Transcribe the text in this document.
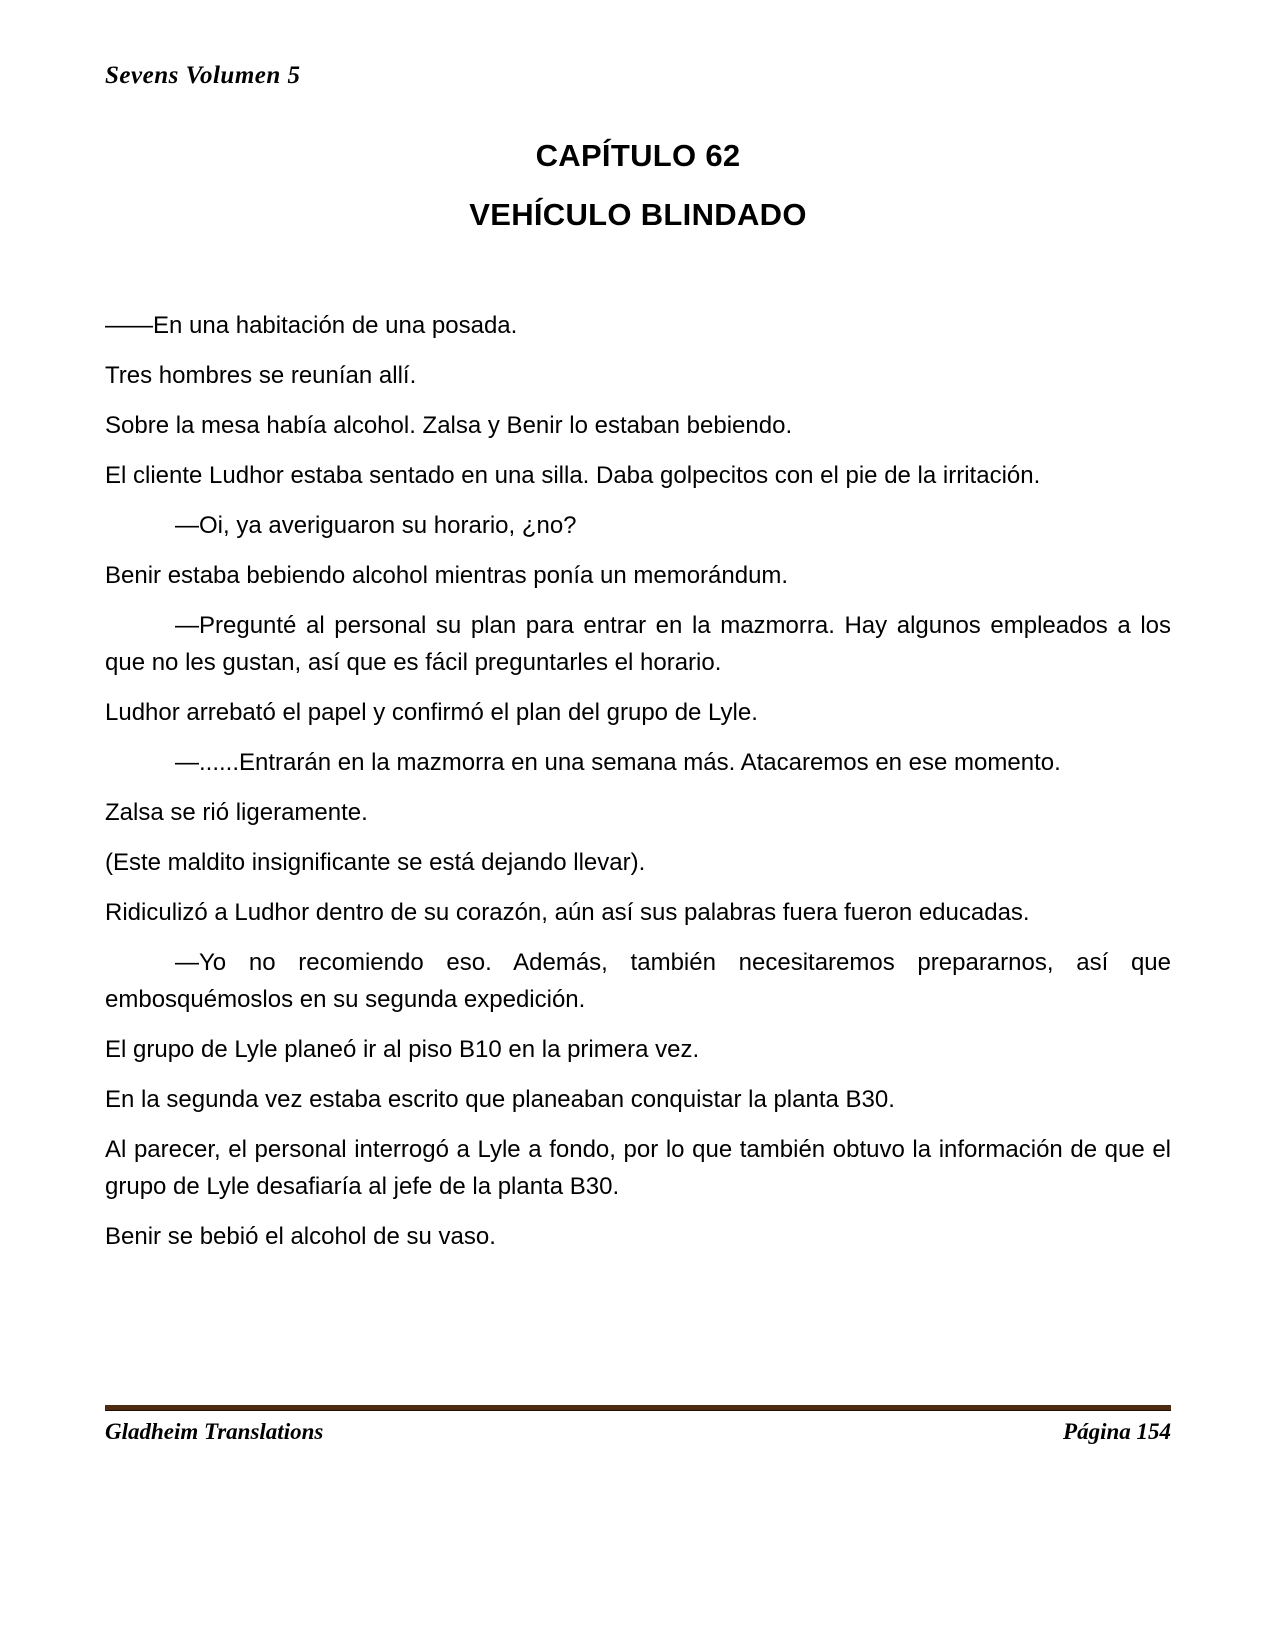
Sevens Volumen 5
CAPÍTULO 62
VEHÍCULO BLINDADO

——En una habitación de una posada.

Tres hombres se reunían allí.

Sobre la mesa había alcohol. Zalsa y Benir lo estaban bebiendo.

El cliente Ludhor estaba sentado en una silla. Daba golpecitos con el pie de la irritación.

—Oi, ya averiguaron su horario, ¿no?

Benir estaba bebiendo alcohol mientras ponía un memorándum.

—Pregunté al personal su plan para entrar en la mazmorra. Hay algunos empleados a los que no les gustan, así que es fácil preguntarles el horario.

Ludhor arrebató el papel y confirmó el plan del grupo de Lyle.

—......Entrarán en la mazmorra en una semana más. Atacaremos en ese momento.

Zalsa se rió ligeramente.

(Este maldito insignificante se está dejando llevar).

Ridiculizó a Ludhor dentro de su corazón, aún así sus palabras fuera fueron educadas.

—Yo no recomiendo eso. Además, también necesitaremos prepararnos, así que embosquémoslos en su segunda expedición.

El grupo de Lyle planeó ir al piso B10 en la primera vez.

En la segunda vez estaba escrito que planeaban conquistar la planta B30.

Al parecer, el personal interrogó a Lyle a fondo, por lo que también obtuvo la información de que el grupo de Lyle desafiaría al jefe de la planta B30.

Benir se bebió el alcohol de su vaso.

Gladheim Translations	Página 154
